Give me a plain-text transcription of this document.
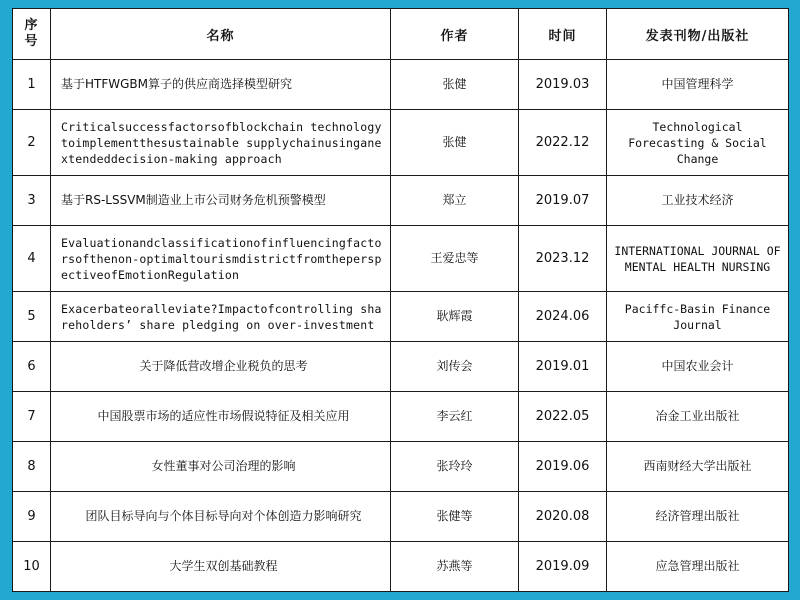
序
号	名称	作者	时间	发表刊物/出版社
1	基于HTFWGBM算子的供应商选择模型研究	张健	2019.03	中国管理科学
2	Criticalsuccessfactorsofblockchain technologytoimplementthesustainable supplychainusinganextendeddecision-making approach	张健	2022.12	Technological Forecasting & Social Change
3	基于RS-LSSVM制造业上市公司财务危机预警模型	郑立	2019.07	工业技术经济
4	Evaluationandclassificationofinfluencingfactorsofthenon-optimaltourismdistrictfromtheperspectiveofEmotionRegulation	王爱忠等	2023.12	INTERNATIONAL JOURNAL OF MENTAL HEALTH NURSING
5	Exacerbateoralleviate?Impactofcontrolling shareholders’ share pledging on over-investment	耿辉霞	2024.06	Paciffc-Basin Finance Journal
6	关于降低营改增企业税负的思考	刘传会	2019.01	中国农业会计
7	中国股票市场的适应性市场假说特征及相关应用	李云红	2022.05	冶金工业出版社
8	女性董事对公司治理的影响	张玲玲	2019.06	西南财经大学出版社
9	团队目标导向与个体目标导向对个体创造力影响研究	张健等	2020.08	经济管理出版社
10	大学生双创基础教程	苏燕等	2019.09	应急管理出版社
